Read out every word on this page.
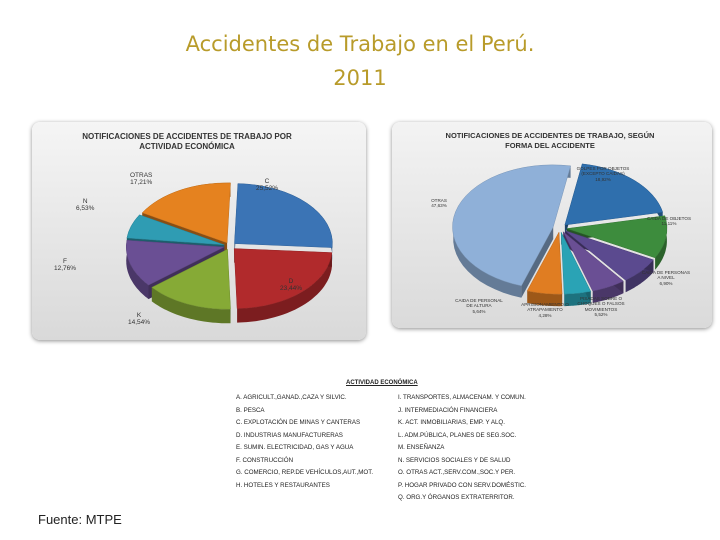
Accidentes de Trabajo en el Perú.
2011
NOTIFICACIONES DE ACCIDENTES DE TRABAJO POR ACTIVIDAD ECONÓMICA
C
25,52%
D
23,44%
K
14,54%
F
12,76%
N
6,53%
OTRAS
17,21%
NOTIFICACIONES DE ACCIDENTES DE TRABAJO, SEGÚN FORMA DEL ACCIDENTE
GOLPES POR OBJETOS (EXCEPTO CAIDAS)
18,92%
CAIDA DE OBJETOS
11,11%
CAIDA DE PERSONAS A NIVEL
6,90%
PISADAS SOBRE O CHOQUES O FALSOS MOVIMIENTOS
5,52%
APRISIONAMIENTO O ATRAPAMIENTO
4,28%
CAIDA DE PERSONAL DE ALTURA
5,64%
OTRAS
47,63%
ACTIVIDAD ECONÓMICA
A. AGRICULT.,GANAD.,CAZA Y SILVIC.
B. PESCA
C. EXPLOTACIÓN DE MINAS Y CANTERAS
D. INDUSTRIAS MANUFACTURERAS
E. SUMIN. ELECTRICIDAD, GAS Y AGUA
F. CONSTRUCCIÓN
G. COMERCIO, REP.DE VEHÍCULOS,AUT.,MOT.
H. HOTELES Y RESTAURANTES
I. TRANSPORTES, ALMACENAM. Y COMUN.
J. INTERMEDIACIÓN FINANCIERA
K. ACT. INMOBILIARIAS, EMP. Y ALQ.
L. ADM.PÚBLICA, PLANES DE SEG.SOC.
M. ENSEÑANZA
N. SERVICIOS SOCIALES Y DE SALUD
O. OTRAS ACT.,SERV.COM.,SOC.Y PER.
P. HOGAR PRIVADO CON SERV.DOMÉSTIC.
Q. ORG.Y ÓRGANOS EXTRATERRITOR.
Fuente: MTPE
